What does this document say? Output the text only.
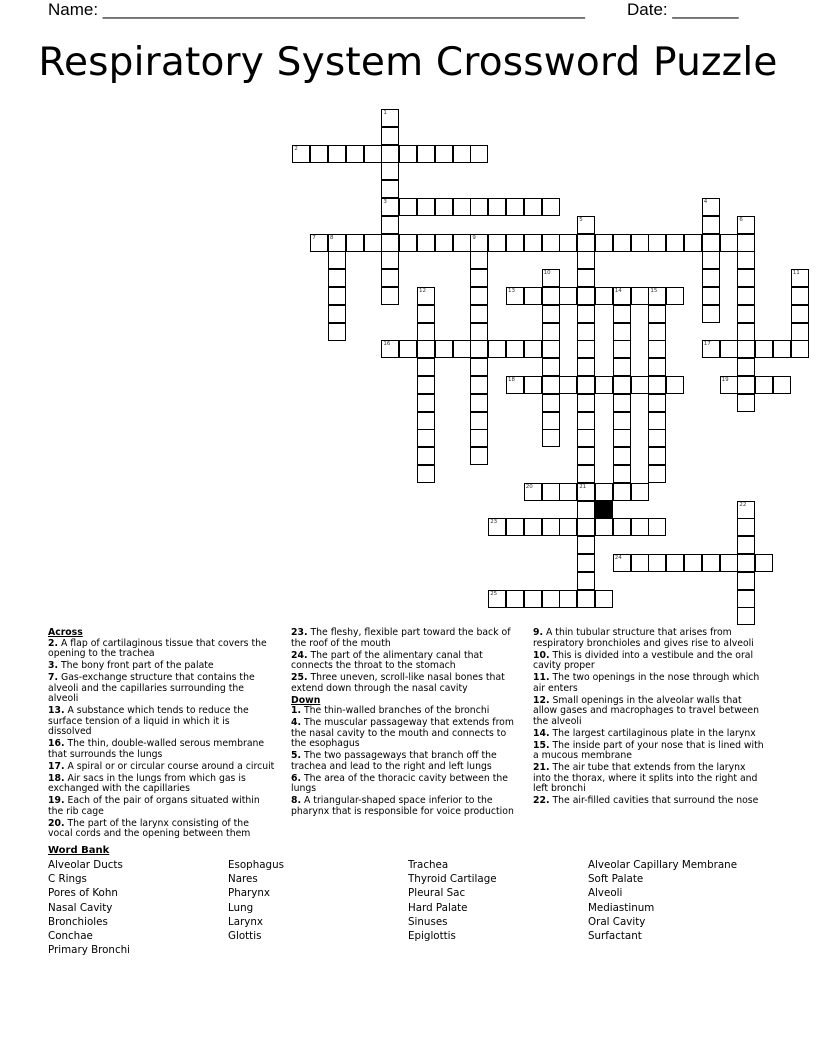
Name: ___________________________________________________ Date: _______
Respiratory System Crossword Puzzle
1
3
2
4
5
21
6
7	8	9
10	11
12	13	14	15
16	17
18	19
20
22
23
24
25
Across
2. A flap of cartilaginous tissue that covers the opening to the trachea
3. The bony front part of the palate
7. Gas-exchange structure that contains the alveoli and the capillaries surrounding the alveoli
13. A substance which tends to reduce the surface tension of a liquid in which it is dissolved
16. The thin, double-walled serous membrane that surrounds the lungs
17. A spiral or or circular course around a circuit
18. Air sacs in the lungs from which gas is exchanged with the capillaries
19. Each of the pair of organs situated within the rib cage
20. The part of the larynx consisting of the vocal cords and the opening between them
23. The fleshy, flexible part toward the back of the roof of the mouth
24. The part of the alimentary canal that connects the throat to the stomach
25. Three uneven, scroll-like nasal bones that extend down through the nasal cavity
Down
1. The thin-walled branches of the bronchi
4. The muscular passageway that extends from the nasal cavity to the mouth and connects to the esophagus
5. The two passageways that branch off the trachea and lead to the right and left lungs
6. The area of the thoracic cavity between the lungs
8. A triangular-shaped space inferior to the pharynx that is responsible for voice production
9. A thin tubular structure that arises from respiratory bronchioles and gives rise to alveoli
10. This is divided into a vestibule and the oral cavity proper
11. The two openings in the nose through which air enters
12. Small openings in the alveolar walls that allow gases and macrophages to travel between the alveoli
14. The largest cartilaginous plate in the larynx
15. The inside part of your nose that is lined with a mucous membrane
21. The air tube that extends from the larynx into the thorax, where it splits into the right and left bronchi
22. The air-filled cavities that surround the nose
Word Bank
Alveolar Ducts
C Rings
Pores of Kohn
Nasal Cavity
Bronchioles
Conchae
Primary Bronchi
Esophagus
Nares
Pharynx
Lung
Larynx
Glottis
Trachea
Thyroid Cartilage
Pleural Sac
Hard Palate
Sinuses
Epiglottis
Alveolar Capillary Membrane
Soft Palate
Alveoli
Mediastinum
Oral Cavity
Surfactant
